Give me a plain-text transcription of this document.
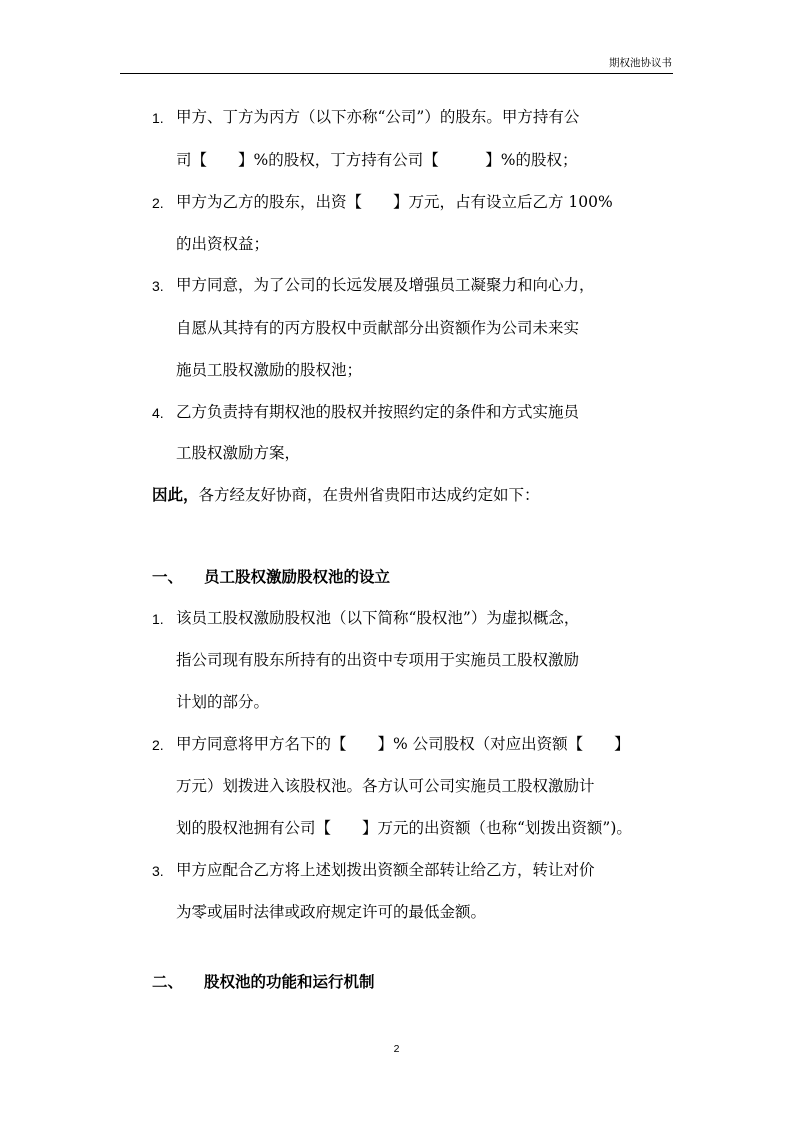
期权池协议书
1. 甲方、丁方为丙方（以下亦称“公司”）的股东。甲方持有公
司【　　】%的股权，丁方持有公司【　　　】%的股权；
2. 甲方为乙方的股东，出资【　　】万元，占有设立后乙方 100%
的出资权益；
3. 甲方同意，为了公司的长远发展及增强员工凝聚力和向心力，
自愿从其持有的丙方股权中贡献部分出资额作为公司未来实
施员工股权激励的股权池；
4. 乙方负责持有期权池的股权并按照约定的条件和方式实施员
工股权激励方案，
因此，各方经友好协商，在贵州省贵阳市达成约定如下：
一、 员工股权激励股权池的设立
1. 该员工股权激励股权池（以下简称“股权池”）为虚拟概念，
指公司现有股东所持有的出资中专项用于实施员工股权激励
计划的部分。
2. 甲方同意将甲方名下的【　　】% 公司股权（对应出资额【　　】
万元）划拨进入该股权池。各方认可公司实施员工股权激励计
划的股权池拥有公司【　　】万元的出资额（也称“划拨出资额”)。
3. 甲方应配合乙方将上述划拨出资额全部转让给乙方，转让对价
为零或届时法律或政府规定许可的最低金额。
二、 股权池的功能和运行机制
2
